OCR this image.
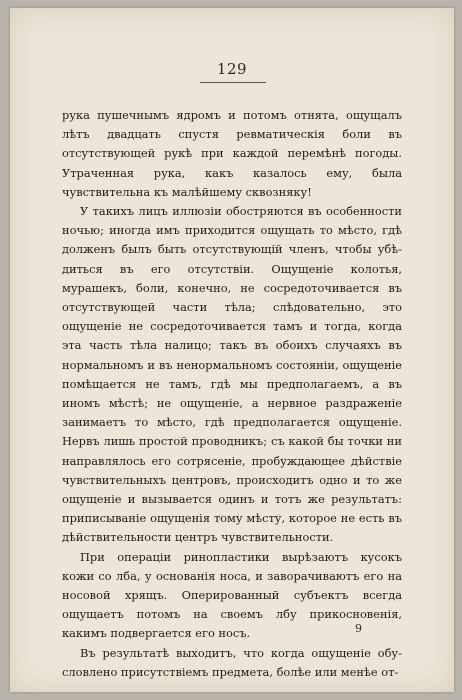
129

рука пушечнымъ ядромъ и потомъ отнята, ощущалъ лѣтъ двадцать спустя ревматическія боли въ отсутствующей рукѣ при каждой перемѣнѣ погоды. Утраченная рука, какъ казалось ему, была чувствительна къ малѣйшему сквозняку!

У такихъ лицъ иллюзіи обостряются въ особенности ночью; иногда имъ приходится ощущать то мѣсто, гдѣ долженъ былъ быть отсутствующій членъ, чтобы убѣдиться въ его отсутствіи. Ощущеніе колотья, мурашекъ, боли, конечно, не сосредоточивается въ отсутствующей части тѣла; слѣдовательно, это ощущеніе не сосредоточивается тамъ и тогда, когда эта часть тѣла налицо; такъ въ обоихъ случаяхъ въ нормальномъ и въ ненормальномъ состояніи, ощущеніе помѣщается не тамъ, гдѣ мы предполагаемъ, а въ иномъ мѣстѣ; не ощущеніе, а нервное раздраженіе занимаетъ то мѣсто, гдѣ предполагается ощущеніе. Нервъ лишь простой проводникъ; съ какой бы точки ни направлялось его сотрясеніе, пробуждающее дѣйствіе чувствительныхъ центровъ, происходитъ одно и то же ощущеніе и вызывается одинъ и тотъ же результатъ: приписываніе ощущенія тому мѣсту, которое не есть въ дѣйствительности центръ чувствительности.

При операціи ринопластики вырѣзаютъ кусокъ кожи со лба, у основанія носа, и заворачиваютъ его на носовой хрящъ. Оперированный субъектъ всегда ощущаетъ потомъ на своемъ лбу прикосновенія, какимъ подвергается его носъ.

Въ результатѣ выходитъ, что когда ощущеніе обусловлено присутствіемъ предмета, болѣе или менѣе от-

9
